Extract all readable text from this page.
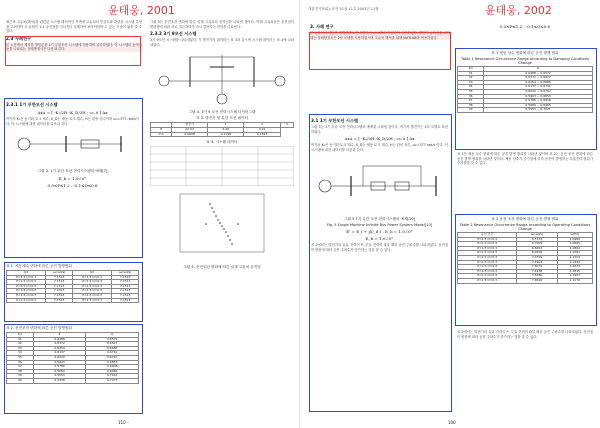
윤태웅, 2001

최근의 고유치(해석)과 관련된 시스템 해석적인 측면에 고유치의 민감도와 관련된 시스템 특성을 고려하여 시 유원이 1:1 공진점을 지나간다 설계하여 보아야하며 수 있는 기준이 됨을 말 수 있다.

2.3 사례연구

본 논문에서 제시한 방법론을 1기 무한모선 시스템에 적용하여 검증하였다. 이 시스템의 동적거동을 나타내는 상태방정식은 다음과 같다.

2.3.1 1기 무한모선 시스템
ΔẋΔ = [ -K₁/2H -K_D/2H ; ω₀ 0 ] Δx

여기서 K₁은 동기화 토크 계수, K_D는 제동 토크 계수, H는 관성 상수이며 ω₀=377 rad/s이다. 이 시스템에 대한 데이터를 다음과 같다.

그림 3. 1기 무한 모선 전력시스템의 예제[7]
E_b = 1.0∠0°
0.5≤P≤1.2 , -0.1≤Q≤0.6
표 1. 제동계수 변화에 따른 공진 발생범위
Kd	ω(rad/s)	Kd	ω(rad/s)
P=1.5 Q=0.3	7.1513	P=1.5 Q=0.3	7.1513
P=1.5 Q=0.3	7.1513	P=1.5 Q=0.3	7.1513
P=1.5 Q=0.3	7.1513	P=1.5 Q=0.3	7.1513
P=1.5 Q=0.3	7.1513	P=1.5 Q=0.3	7.1513
P=1.5 Q=0.3	7.1513	P=1.5 Q=0.3	7.1513
P=1.5 Q=0.3	7.1513	P=1.5 Q=0.3	7.1513
표 2. 운전조건 변화에 따른 공진 발생범위
Kd	P	Q
31	0.6488	0.6572
32	0.6372	0.6627
33	0.6254	0.6686
34	0.6137	0.6741
35	0.6020	0.6797
36	0.5903	0.6853
37	0.5786	0.6908
38	0.5669	0.6965
39	0.5553	0.7021
40	0.5438	0.7077

그림 5는 운전조건 변화에 따른 임계 고유치의 움직임을 나타낸 것이다. 이때 고유치들은 운전점이 변화함에 따라 서로 접근하다가 다시 멀어지는 현상을 나타낸다.

2.3.2 3기 9모선 시스템

3기 9모선 시스템을 나타내었다. 각 발전기의 데이터는 표 3과 같으며 시스템 데이터는 표 4에 나타내었다.

그림 4. 3기 9 모선 전력시스템 다이어그램
표 3. 발전기 및 무한 모선 데이터
	발전기	1	2	3
H	23.64	6.40	3.01	
X'd	0.0608	0.1198	0.1813	
표 4. 시스템 데이터

그림 5. 운전조건 변화에 따른 임계 고유치 움직임
110 –
대한전기학회논문지 51권 11호 2002년 11월	윤태웅, 2002
3. 사례 연구

본 논문에서 제안한 방법론을 1기 무한모선 시스템에 적용하여 검증하였다. 발전기 동특성을 나타내는 상태방정식은 2차 모델을 사용하였으며 고유치 해석을 위해 MATLAB을 이용하였다.

3.1 1기 무한모선 시스템

그림 5는 1기 무한 모선 전력시스템의 예제를 나타낸 것이다. 여기서 발전기는 2차 모델로 표현하였다.

ΔẋΔ = [ -K₁/2H -K_D/2H ; ω₀ 0 ] Δx

여기서 K₁은 동기화 토크 계수, K_D는 제동 토크 계수, H는 관성 상수, ω₀=377 rad/s 이다. 이 시스템에 대한 데이터를 다음과 같다.

그림 5 1기 무한 모선 전력시스템의 예제[10]
Fig. 5 Single Machine Infinite Bus Power System Model[10]
E' = E_t + jX'_d I , E_b = 1.0∠0°
E_b = 1.0∠0°

표 2에서는 발전기의 유효 전력이 P, 무효 전력이 Q일 때의 공진 주파수를 나타내었다. 운전점이 변함에 따라 공진 주파수가 증가하는 것을 알 수 있다.

0.5≤P≤1.2 , -0.1≤Q≤0.6
표 1 제동 상수 변화에 따른 공진 발생 범위
Table 1 Resonance Occurrence Range according to Damping Condtions Change
Kd	Q
31	0.6488 ~ 0.6572
32	0.6372 ~ 0.6627
33	0.6254 ~ 0.6686
34	0.6137 ~ 0.6741
35	0.6020 ~ 0.6797
36	0.5903 ~ 0.6853
37	0.5786 ~ 0.6908
38	0.5669 ~ 0.6965
39	0.5553 ~ 0.7021

표 1은 제동 상수 변화에 따른 공진 발생 범위를 나타낸 것이며 표 2는 운전 조건 변화에 따른 공진 발생 범위를 나타낸 것이다. 제동 상수가 증가함에 따라 공진이 발생하는 무효전력 범위가 증가함을 알 수 있다.

표 2 운전 조건 변화에 따른 공진 발생 범위
Table 2 Resonance Occurrence Range according to Operating Conditions Change
운전 조건	ω(rad/s)	ω(Hz)
P=1.5 Q=0.3	6.5723	1.0460
P=1.5 Q=0.3	6.7009	1.0665
P=1.5 Q=0.3	6.8262	1.0864
P=1.5 Q=0.3	6.9496	1.1061
P=1.5 Q=0.3	7.0709	1.1254
P=1.5 Q=0.3	7.1903	1.1444
P=1.5 Q=0.3	7.3079	1.1631
P=1.5 Q=0.3	7.4238	1.1815
P=1.5 Q=0.3	7.5380	1.1997
P=1.5 Q=0.3	7.6506	1.2176

표 2에서는 발전기의 유효 전력이 P, 무효 전력이 Q일 때의 공진 주파수를 나타내었다. 운전점이 변함에 따라 공진 주파수가 증가하는 것을 알 수 있다.

100
